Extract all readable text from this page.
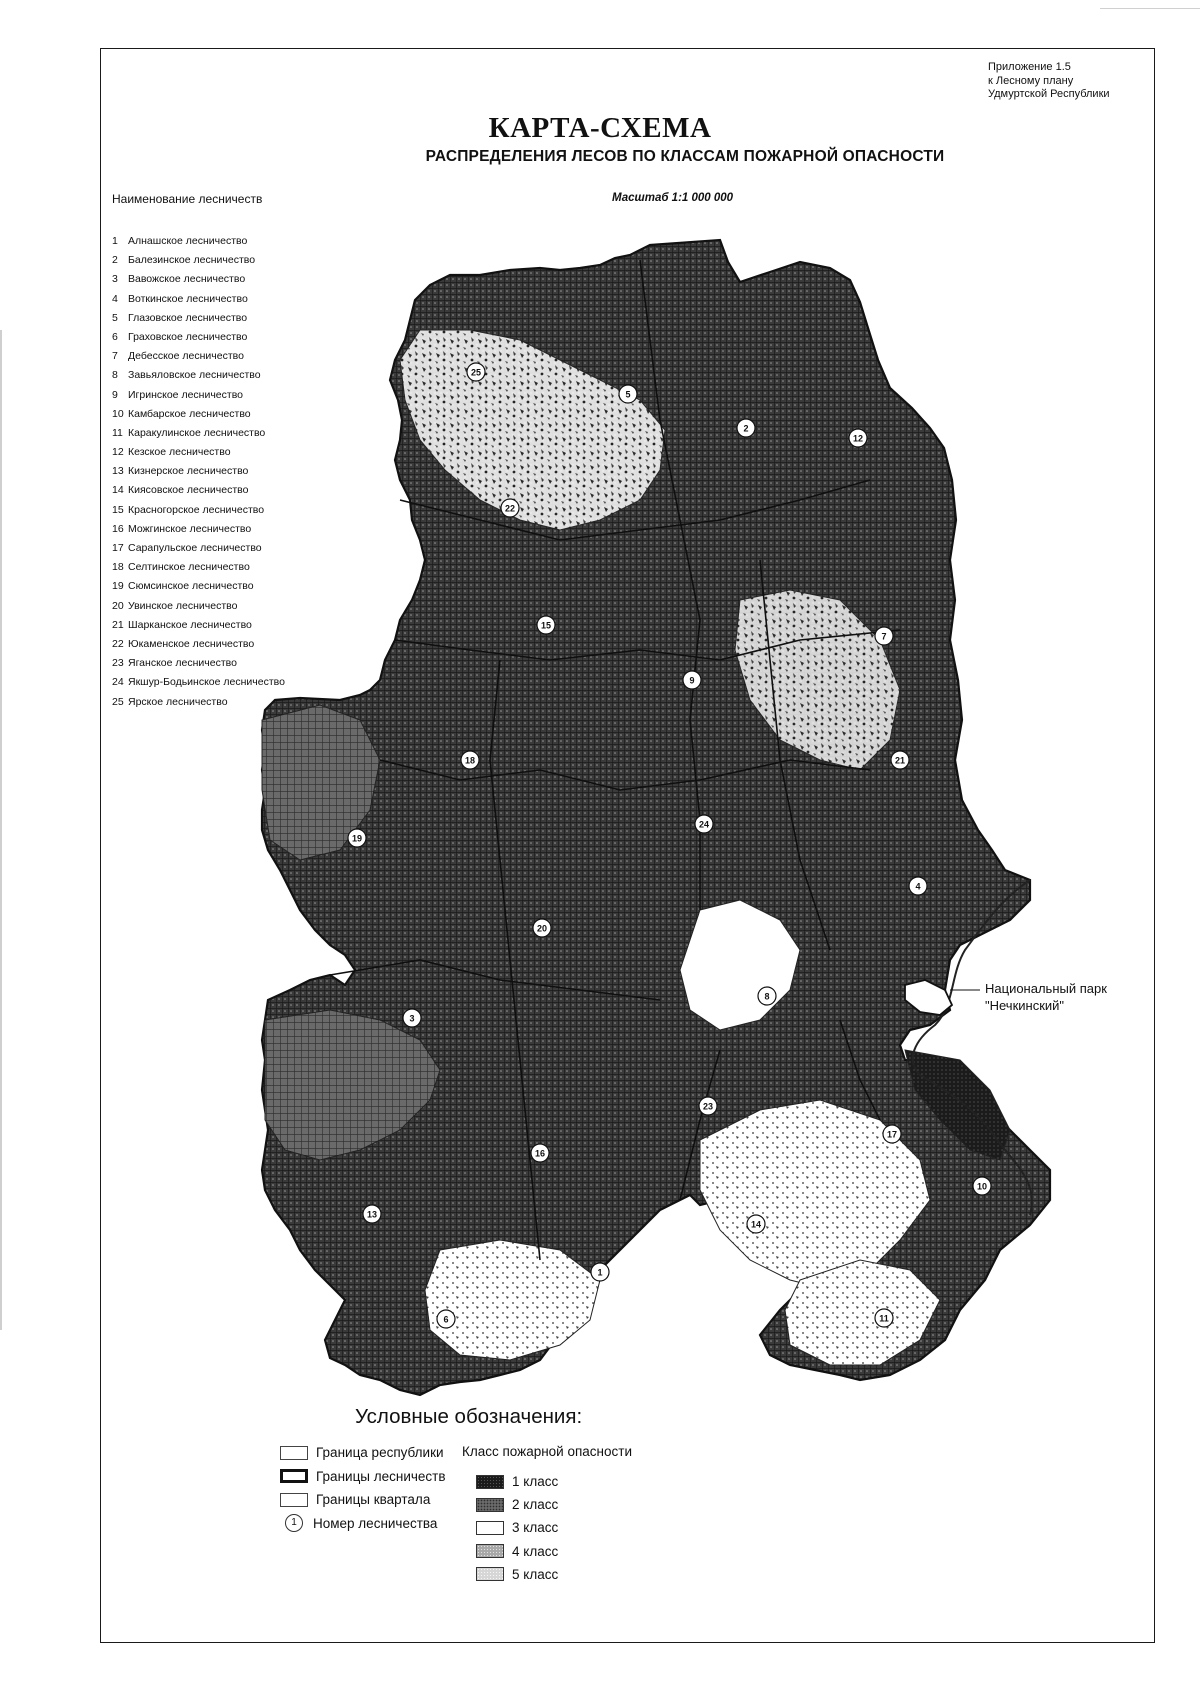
Приложение 1.5
к Лесному плану
Удмуртской Республики
КАРТА-СХЕМА
РАСПРЕДЕЛЕНИЯ ЛЕСОВ ПО КЛАССАМ ПОЖАРНОЙ ОПАСНОСТИ
Наименование лесничеств	Масштаб 1:1 000 000
1 Алнашское лесничество
2 Балезинское лесничество
3 Вавожское лесничество
4 Воткинское лесничество
5 Глазовское лесничество
6 Граховское лесничество
7 Дебесское лесничество
8 Завьяловское лесничество
9 Игринское лесничество
10 Камбарское лесничество
11 Каракулинское лесничество
12 Кезское лесничество
13 Кизнерское лесничество
14 Киясовское лесничество
15 Красногорское лесничество
16 Можгинское лесничество
17 Сарапульское лесничество
18 Селтинское лесничество
19 Сюмсинское лесничество
20 Увинское лесничество
21 Шарканское лесничество
22 Юкаменское лесничество
23 Яганское лесничество
24 Якшур-Бодьинское лесничество
25 Ярское лесничество
25
5
2
12
22
15
7
9
18	21
19
24
4
20
8
3
23
17
16
10
13
14
1
11
6
Национальный парк
"Нечкинский"
Условные обозначения:
Граница республики
Границы лесничеств
Границы квартала
1	Номер лесничества
Класс пожарной опасности
1 класс
2 класс
3 класс
4 класс
5 класс
